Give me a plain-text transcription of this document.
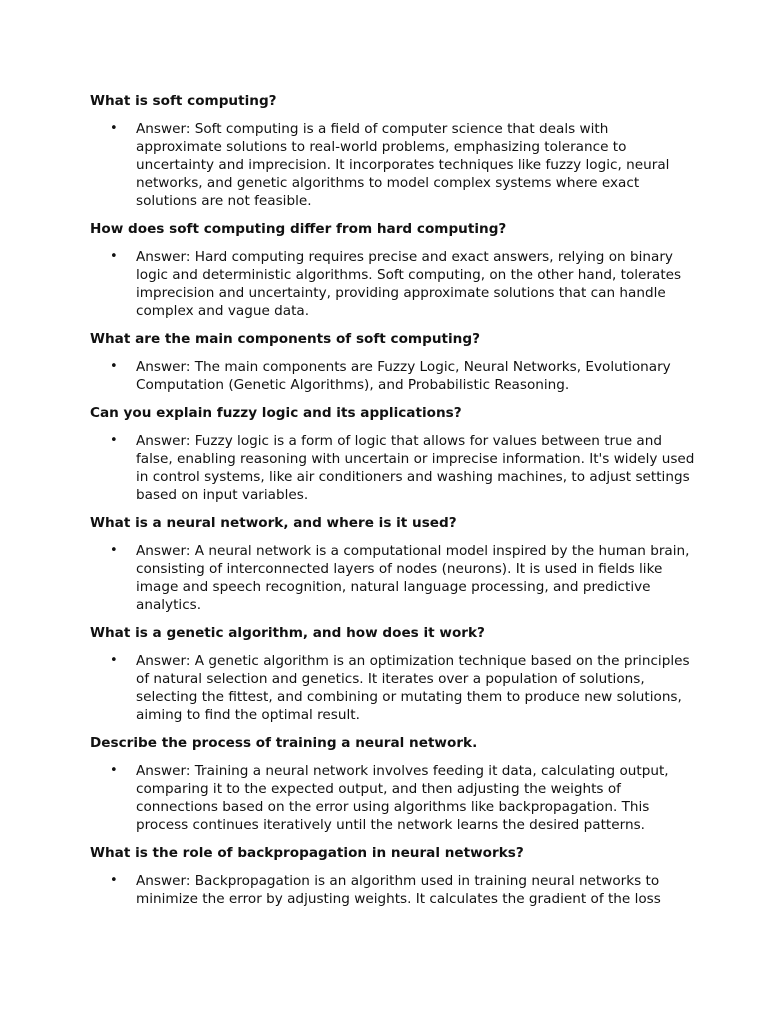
What is soft computing?
• Answer: Soft computing is a field of computer science that deals with approximate solutions to real-world problems, emphasizing tolerance to uncertainty and imprecision. It incorporates techniques like fuzzy logic, neural networks, and genetic algorithms to model complex systems where exact solutions are not feasible.
How does soft computing differ from hard computing?
• Answer: Hard computing requires precise and exact answers, relying on binary logic and deterministic algorithms. Soft computing, on the other hand, tolerates imprecision and uncertainty, providing approximate solutions that can handle complex and vague data.
What are the main components of soft computing?
• Answer: The main components are Fuzzy Logic, Neural Networks, Evolutionary Computation (Genetic Algorithms), and Probabilistic Reasoning.
Can you explain fuzzy logic and its applications?
• Answer: Fuzzy logic is a form of logic that allows for values between true and false, enabling reasoning with uncertain or imprecise information. It's widely used in control systems, like air conditioners and washing machines, to adjust settings based on input variables.
What is a neural network, and where is it used?
• Answer: A neural network is a computational model inspired by the human brain, consisting of interconnected layers of nodes (neurons). It is used in fields like image and speech recognition, natural language processing, and predictive analytics.
What is a genetic algorithm, and how does it work?
• Answer: A genetic algorithm is an optimization technique based on the principles of natural selection and genetics. It iterates over a population of solutions, selecting the fittest, and combining or mutating them to produce new solutions, aiming to find the optimal result.
Describe the process of training a neural network.
• Answer: Training a neural network involves feeding it data, calculating output, comparing it to the expected output, and then adjusting the weights of connections based on the error using algorithms like backpropagation. This process continues iteratively until the network learns the desired patterns.
What is the role of backpropagation in neural networks?
• Answer: Backpropagation is an algorithm used in training neural networks to minimize the error by adjusting weights. It calculates the gradient of the loss
